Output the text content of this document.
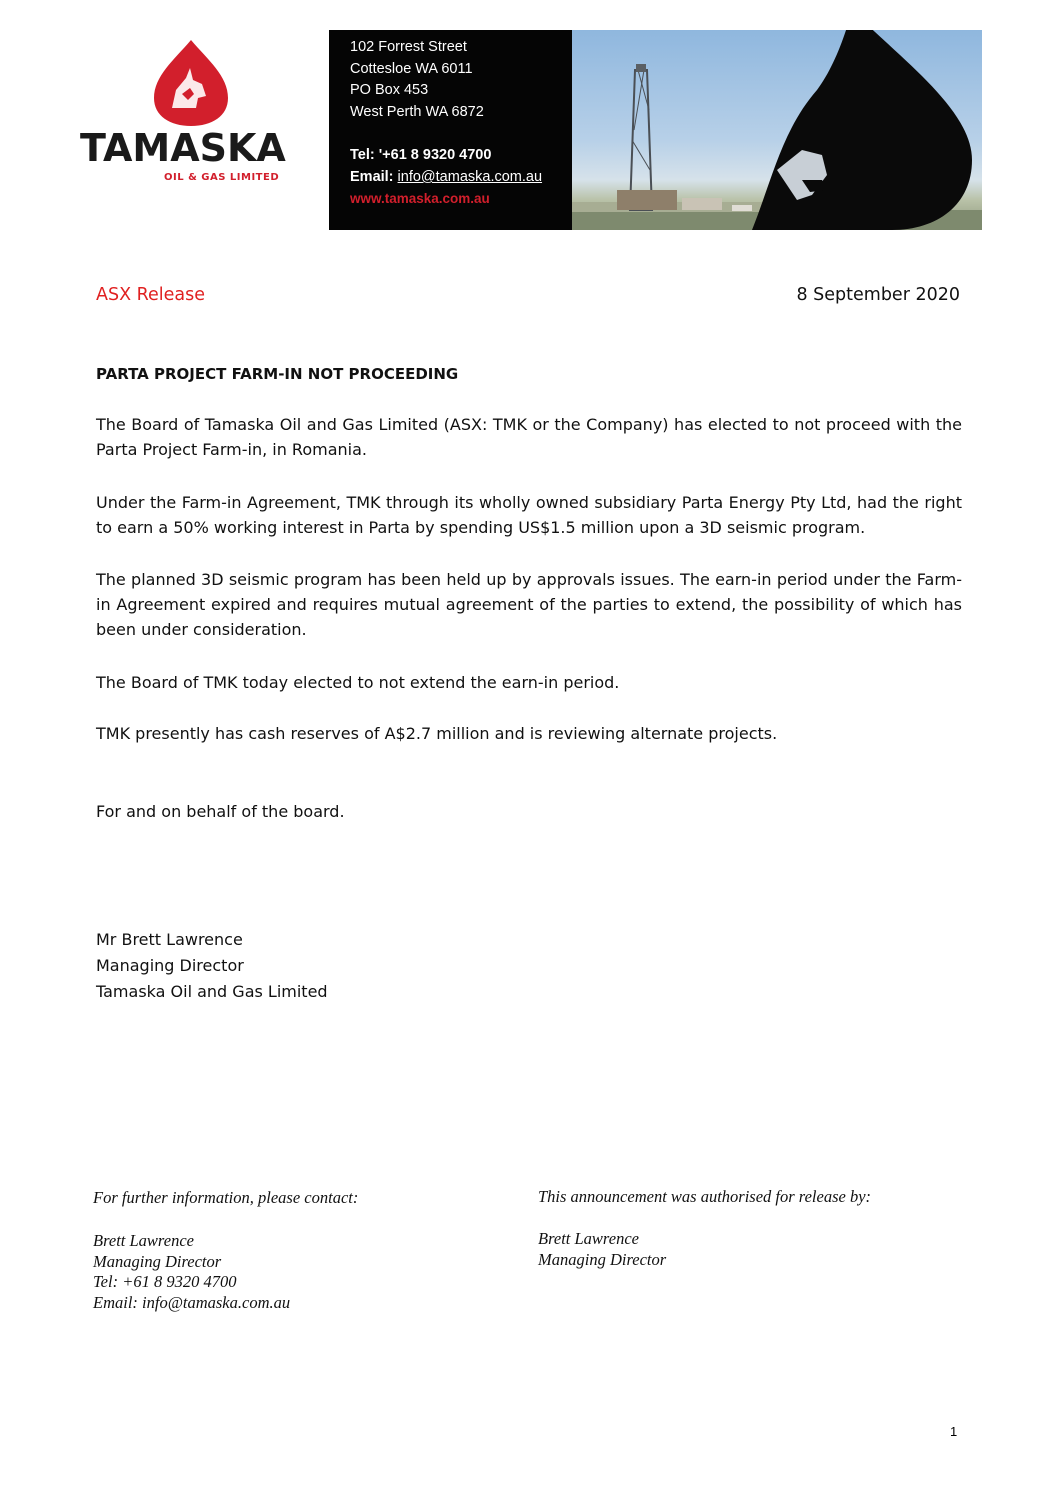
TAMASKA
OIL & GAS LIMITED
102 Forrest Street
Cottesloe WA 6011
PO Box 453
West Perth WA 6872
Tel: '+61 8 9320 4700
Email: info@tamaska.com.au
www.tamaska.com.au
ASX Release	8 September 2020
PARTA PROJECT FARM-IN NOT PROCEEDING
The Board of Tamaska Oil and Gas Limited (ASX: TMK or the Company) has elected to not proceed with the Parta Project Farm-in, in Romania.
Under the Farm-in Agreement, TMK through its wholly owned subsidiary Parta Energy Pty Ltd, had the right to earn a 50% working interest in Parta by spending US$1.5 million upon a 3D seismic program.
The planned 3D seismic program has been held up by approvals issues. The earn-in period under the Farm-in Agreement expired and requires mutual agreement of the parties to extend, the possibility of which has been under consideration.
The Board of TMK today elected to not extend the earn-in period.
TMK presently has cash reserves of A$2.7 million and is reviewing alternate projects.
For and on behalf of the board.
Mr Brett Lawrence
Managing Director
Tamaska Oil and Gas Limited
For further information, please contact:
Brett Lawrence
Managing Director
Tel: +61 8 9320 4700
Email: info@tamaska.com.au
This announcement was authorised for release by:
Brett Lawrence
Managing Director
1
